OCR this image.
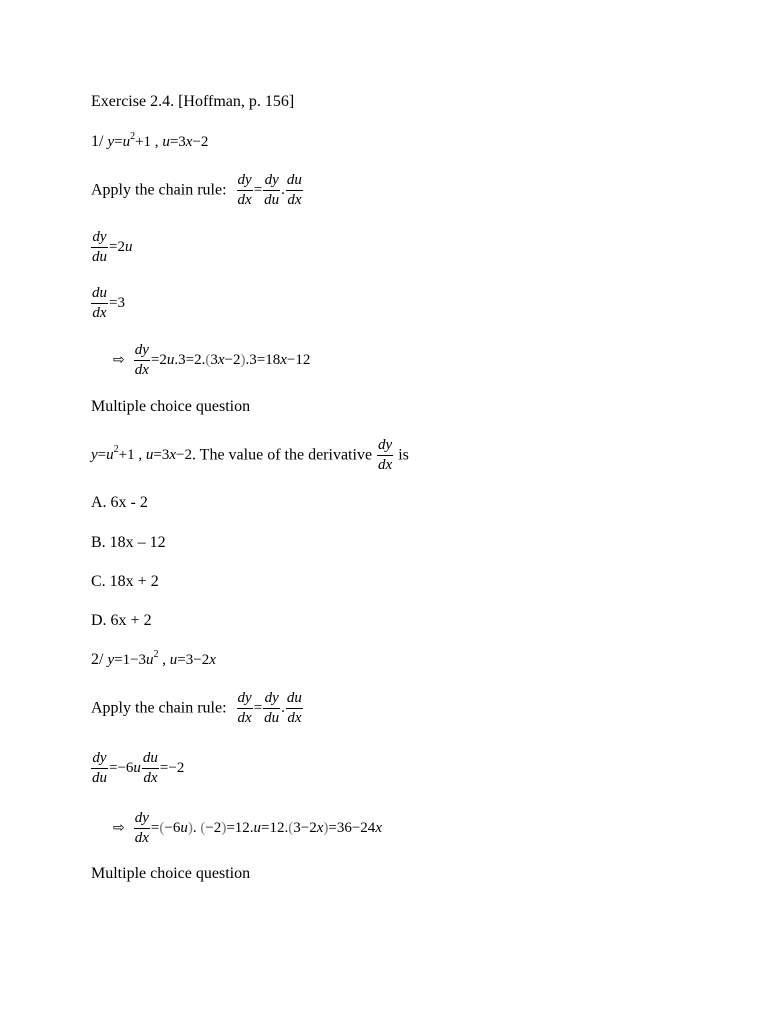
Exercise 2.4. [Hoffman, p. 156]
1/ $y=u^2+1$ , u=3x−2
Apply the chain rule: $\frac{dy}{dx} = \frac{dy}{du}$ . $\frac{du}{dx}$
$\frac{dy}{du} =2u$
$\frac{du}{dx} =3$
⇨ $\frac{dy}{dx} =2u.3=2.(3x-2).3=18x-12$
Multiple choice question
$y=u^2+1$ , u=3x−2. The value of the derivative $\frac{dy}{dx}$ is
A. 6x - 2
B. 18x – 12
C. 18x + 2
D. 6x + 2
2/ $y=1-3u^2$ , u=3−2x
Apply the chain rule: $\frac{dy}{dx} = \frac{dy}{du}$ . $\frac{du}{dx}$
$\frac{dy}{du} =-6u \frac{du}{dx} =-2$
⇨ $\frac{dy}{dx} =(-6u)$. (−2)=12.u=12.(3−2x)=36−24x
Multiple choice question
